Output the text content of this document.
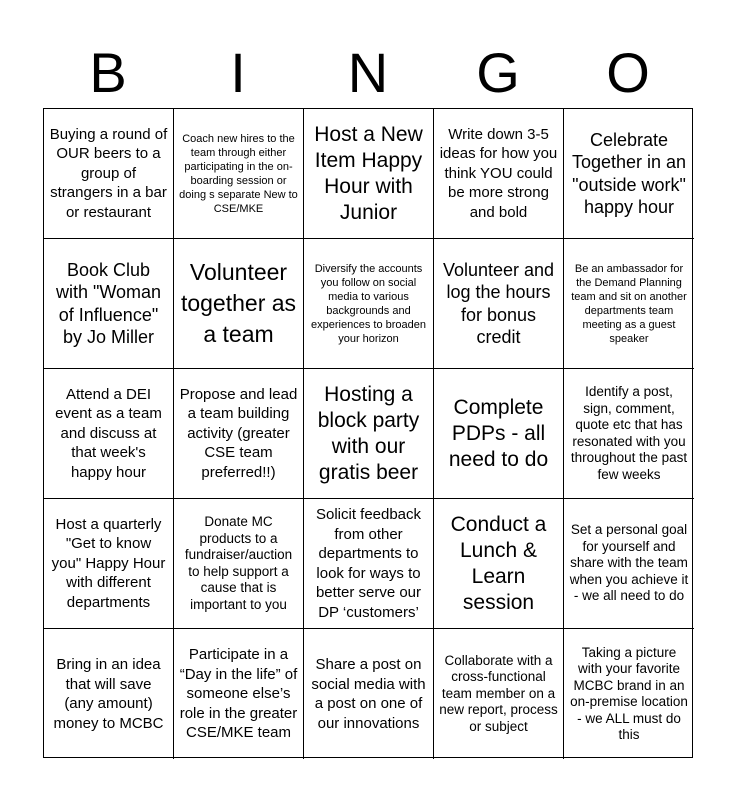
B	I	N	G	O
Buying a round of OUR beers to a group of strangers in a bar or restaurant
Coach new hires to the team through either participating in the on-boarding session or doing s separate New to CSE/MKE
Host a New Item Happy Hour with Junior
Write down 3-5 ideas for how you think YOU could be more strong and bold
Celebrate Together in an "outside work" happy hour
Book Club with "Woman of Influence" by Jo Miller
Volunteer together as a team
Diversify the accounts you follow on social media to various backgrounds and experiences to broaden your horizon
Volunteer and log the hours for bonus credit
Be an ambassador for the Demand Planning team and sit on another departments team meeting as a guest speaker
Attend a DEI event as a team and discuss at that week's happy hour
Propose and lead a team building activity (greater CSE team preferred!!)
Hosting a block party with our gratis beer
Complete PDPs - all need to do
Identify a post, sign, comment, quote etc that has resonated with you throughout the past few weeks
Host a quarterly "Get to know you" Happy Hour with different departments
Donate MC products to a fundraiser/auction to help support a cause that is important to you
Solicit feedback from other departments to look for ways to better serve our DP ‘customers’
Conduct a Lunch & Learn session
Set a personal goal for yourself and share with the team when you achieve it - we all need to do
Bring in an idea that will save (any amount) money to MCBC
Participate in a “Day in the life” of someone else’s role in the greater CSE/MKE team
Share a post on social media with a post on one of our innovations
Collaborate with a cross-functional team member on a new report, process or subject
Taking a picture with your favorite MCBC brand in an on-premise location - we ALL must do this
